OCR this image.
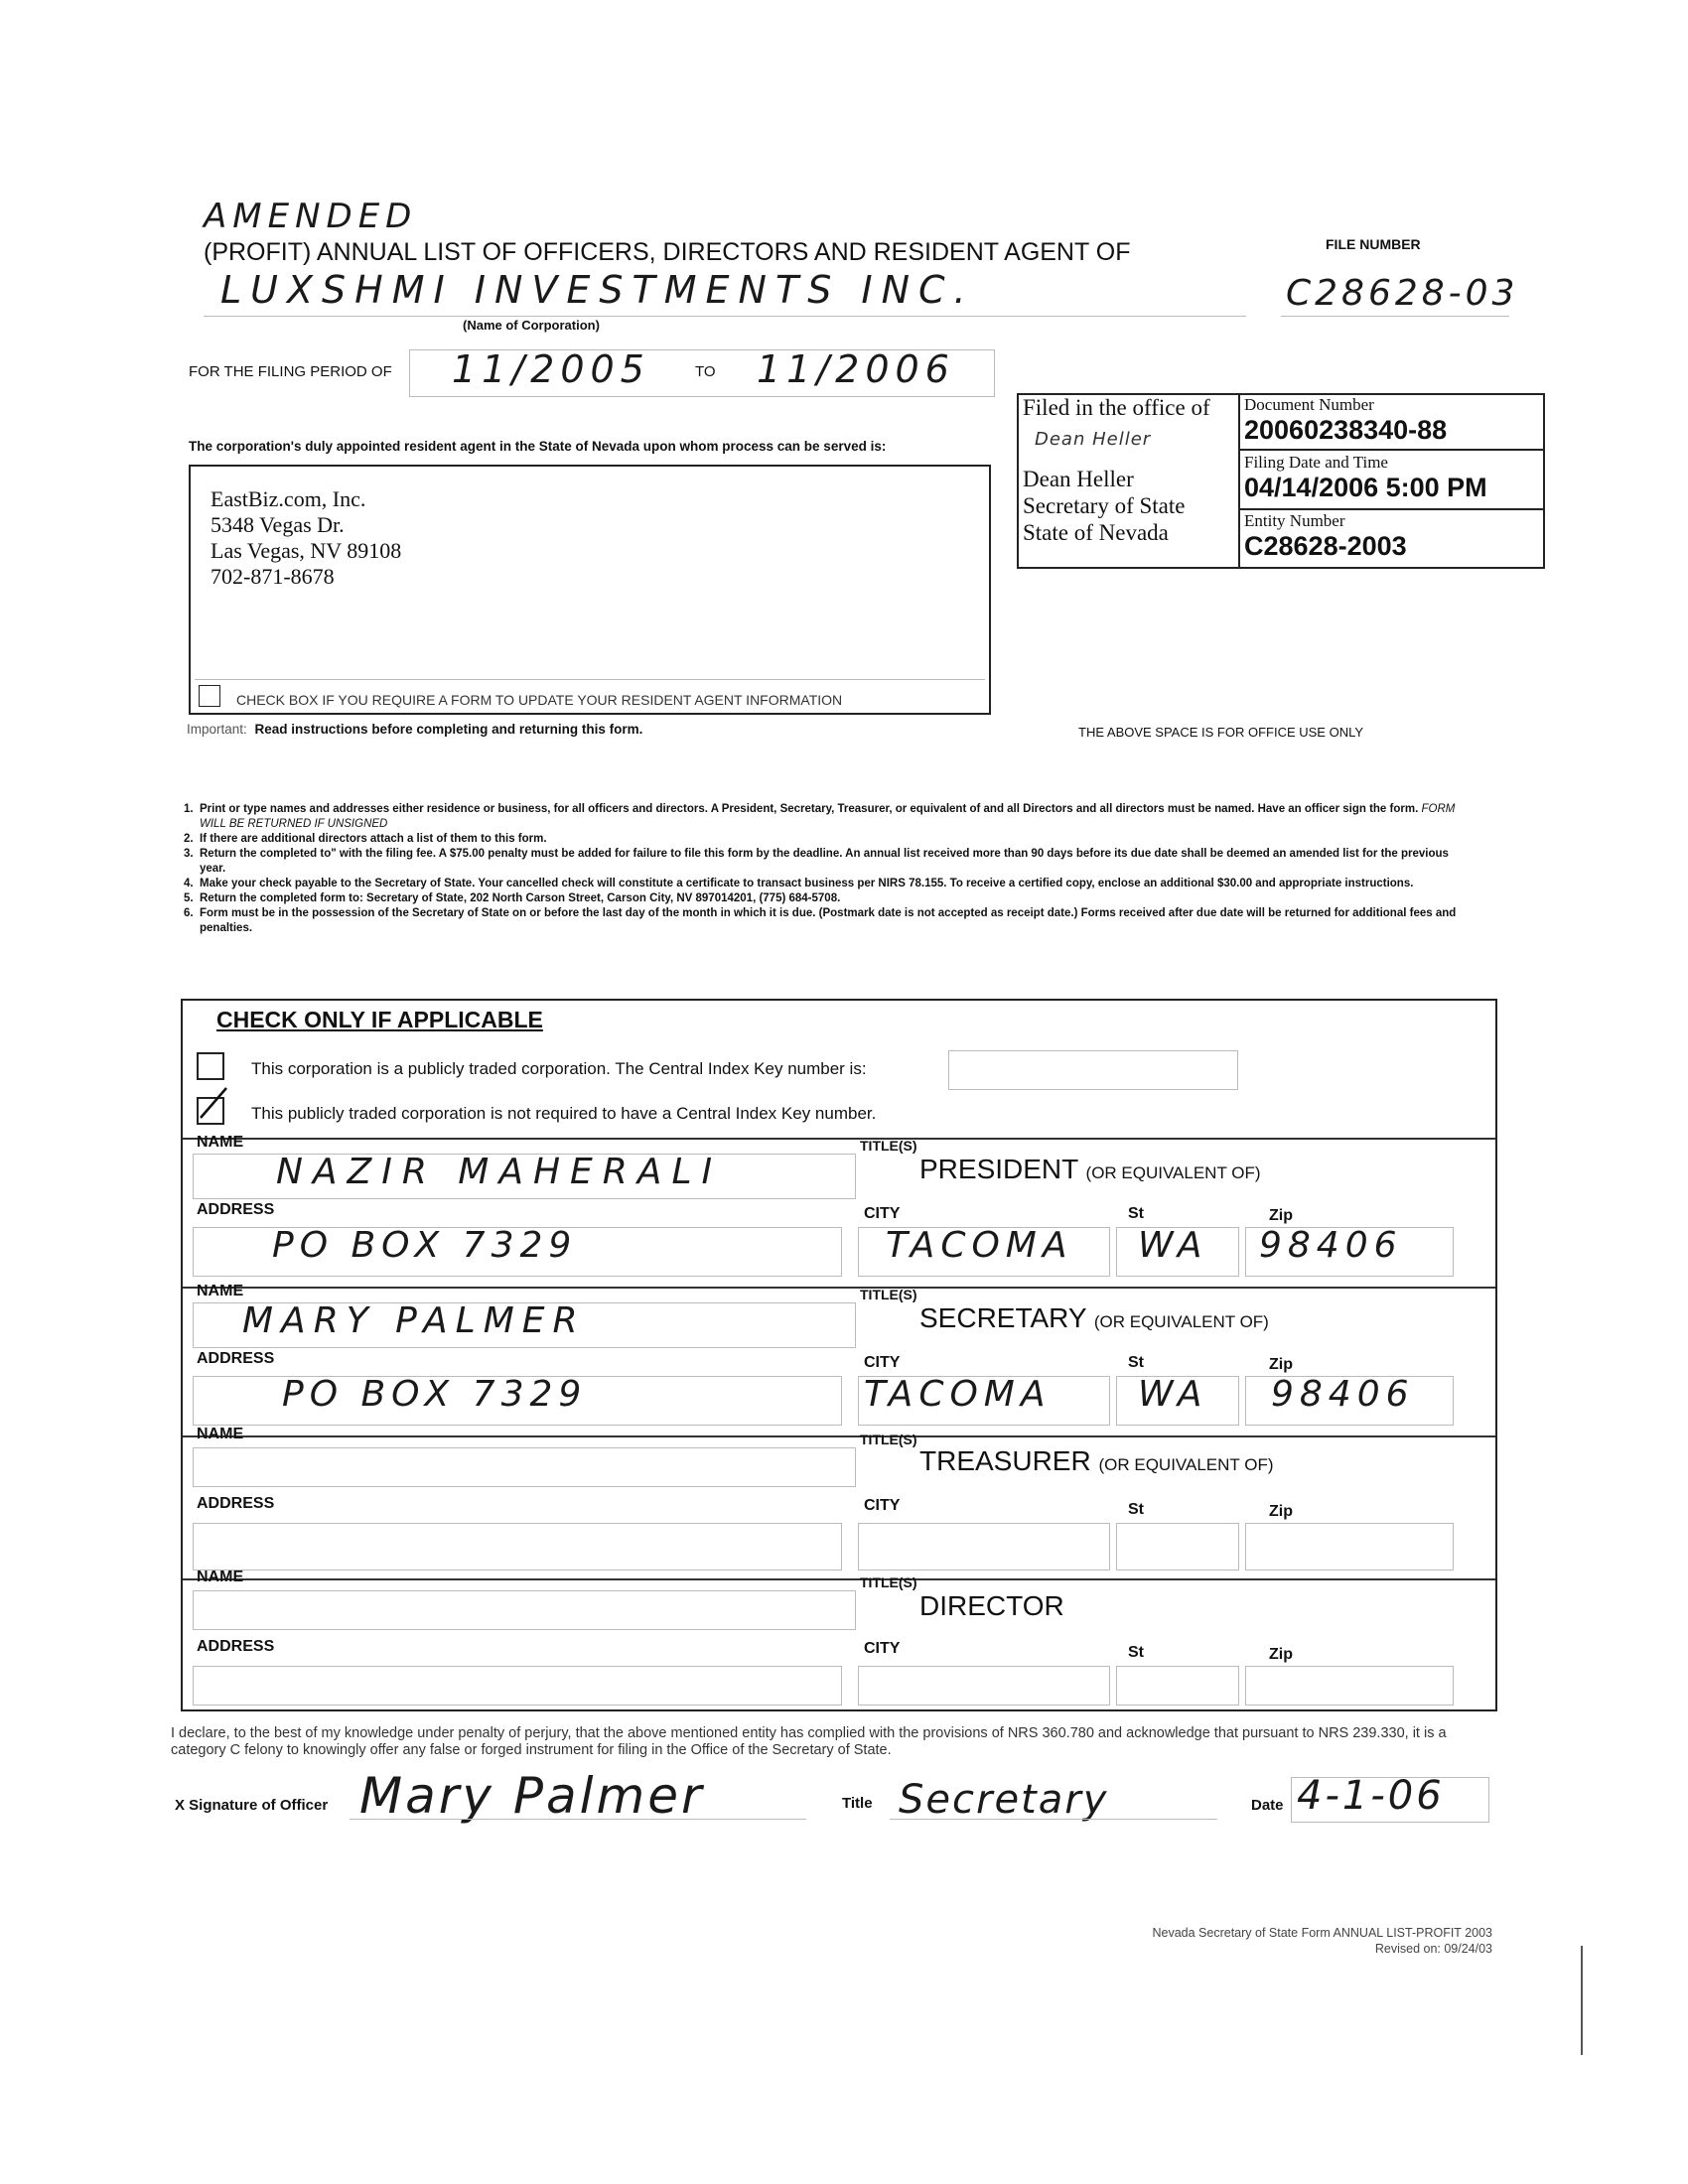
AMENDED
(PROFIT) ANNUAL LIST OF OFFICERS, DIRECTORS AND RESIDENT AGENT OF	FILE NUMBER
LUXSHMI INVESTMENTS INC.
(Name of Corporation)
C28628-03
FOR THE FILING PERIOD OF 11/2005	TO 11/2006
The corporation's duly appointed resident agent in the State of Nevada upon whom process can be served is:
EastBiz.com, Inc.
5348 Vegas Dr.
Las Vegas, NV 89108
702-871-8678
CHECK BOX IF YOU REQUIRE A FORM TO UPDATE YOUR RESIDENT AGENT INFORMATION
Filed in the office of
Dean Heller
Dean Heller
Secretary of State
State of Nevada
Document Number
20060238340-88
Filing Date and Time
04/14/2006 5:00 PM
Entity Number
C28628-2003
Important: Read instructions before completing and returning this form.	THE ABOVE SPACE IS FOR OFFICE USE ONLY
1. Print or type names and addresses either residence or business, for all officers and directors. A President, Secretary, Treasurer, or equivalent of and all Directors and all directors must be named. Have an officer sign the form. FORM WILL BE RETURNED IF UNSIGNED
2. If there are additional directors attach a list of them to this form.
3. Return the completed to" with the filing fee. A $75.00 penalty must be added for failure to file this form by the deadline. An annual list received more than 90 days before its due date shall be deemed an amended list for the previous year.
4. Make your check payable to the Secretary of State. Your cancelled check will constitute a certificate to transact business per NIRS 78.155. To receive a certified copy, enclose an additional $30.00 and appropriate instructions.
5. Return the completed form to: Secretary of State, 202 North Carson Street, Carson City, NV 897014201, (775) 684-5708.
6. Form must be in the possession of the Secretary of State on or before the last day of the month in which it is due. (Postmark date is not accepted as receipt date.) Forms received after due date will be returned for additional fees and penalties.
CHECK ONLY IF APPLICABLE
This corporation is a publicly traded corporation. The Central Index Key number is:
This publicly traded corporation is not required to have a Central Index Key number.
NAME	TITLE(S)
PRESIDENT (OR EQUIVALENT OF)
NAZIR MAHERALI
ADDRESS	CITY	St	Zip
PO BOX 7329	TACOMA WA 98406
NAME	TITLE(S)
SECRETARY (OR EQUIVALENT OF)
MARY PALMER
ADDRESS	CITY	St	Zip
PO BOX 7329	TACOMA WA 98406
NAME	TITLE(S)
TREASURER (OR EQUIVALENT OF)
ADDRESS	CITY	St	Zip
NAME	TITLE(S)
DIRECTOR
ADDRESS	CITY	St	Zip
I declare, to the best of my knowledge under penalty of perjury, that the above mentioned entity has complied with the provisions of NRS 360.780 and acknowledge that pursuant to NRS 239.330, it is a category C felony to knowingly offer any false or forged instrument for filing in the Office of the Secretary of State.
X Signature of Officer Mary Palmer	Title Secretary	Date 4-1-06
Nevada Secretary of State Form ANNUAL LIST-PROFIT 2003
Revised on: 09/24/03
